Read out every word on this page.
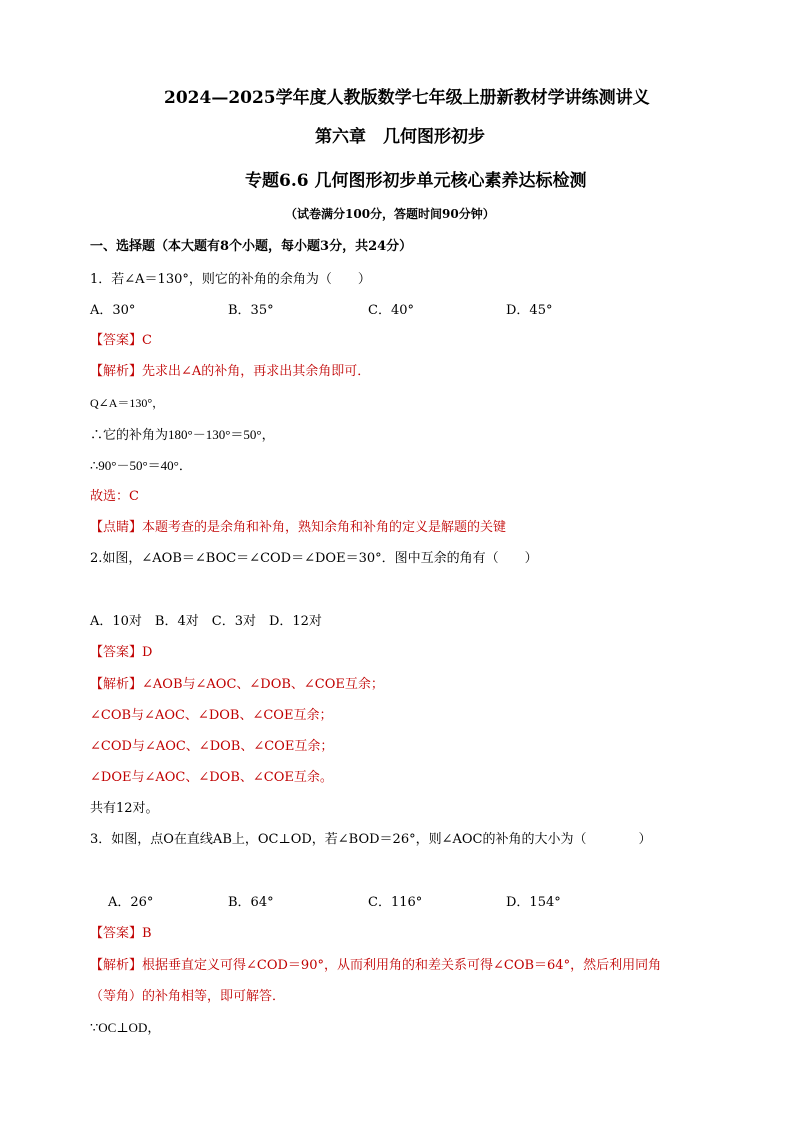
2024—2025学年度人教版数学七年级上册新教材学讲练测讲义
第六章　几何图形初步
专题6.6 几何图形初步单元核心素养达标检测
（试卷满分100分，答题时间90分钟）
一、选择题（本大题有8个小题，每小题3分，共24分）
1．若∠A＝130°，则它的补角的余角为（　　）
A．30°	B．35°	C．40°	D．45°
【答案】C
【解析】先求出∠A的补角，再求出其余角即可．
Q∠A＝130°，
∴它的补角为180°－130°＝50°，
∴90°－50°＝40°．
故选：C
【点睛】本题考查的是余角和补角，熟知余角和补角的定义是解题的关键
2.如图，∠AOB＝∠BOC＝∠COD＝∠DOE＝30°．图中互余的角有（　　）
A．10对　B．4对　C．3对　D．12对
【答案】D
【解析】∠AOB与∠AOC、∠DOB、∠COE互余；
∠COB与∠AOC、∠DOB、∠COE互余；
∠COD与∠AOC、∠DOB、∠COE互余；
∠DOE与∠AOC、∠DOB、∠COE互余。
共有12对。
3．如图，点O在直线AB上，OC⊥OD，若∠BOD＝26°，则∠AOC的补角的大小为（　　　　）
A．26°	B．64°	C．116°	D．154°
【答案】B
【解析】根据垂直定义可得∠COD＝90°，从而利用角的和差关系可得∠COB＝64°，然后利用同角
（等角）的补角相等，即可解答．
∵OC⊥OD，
